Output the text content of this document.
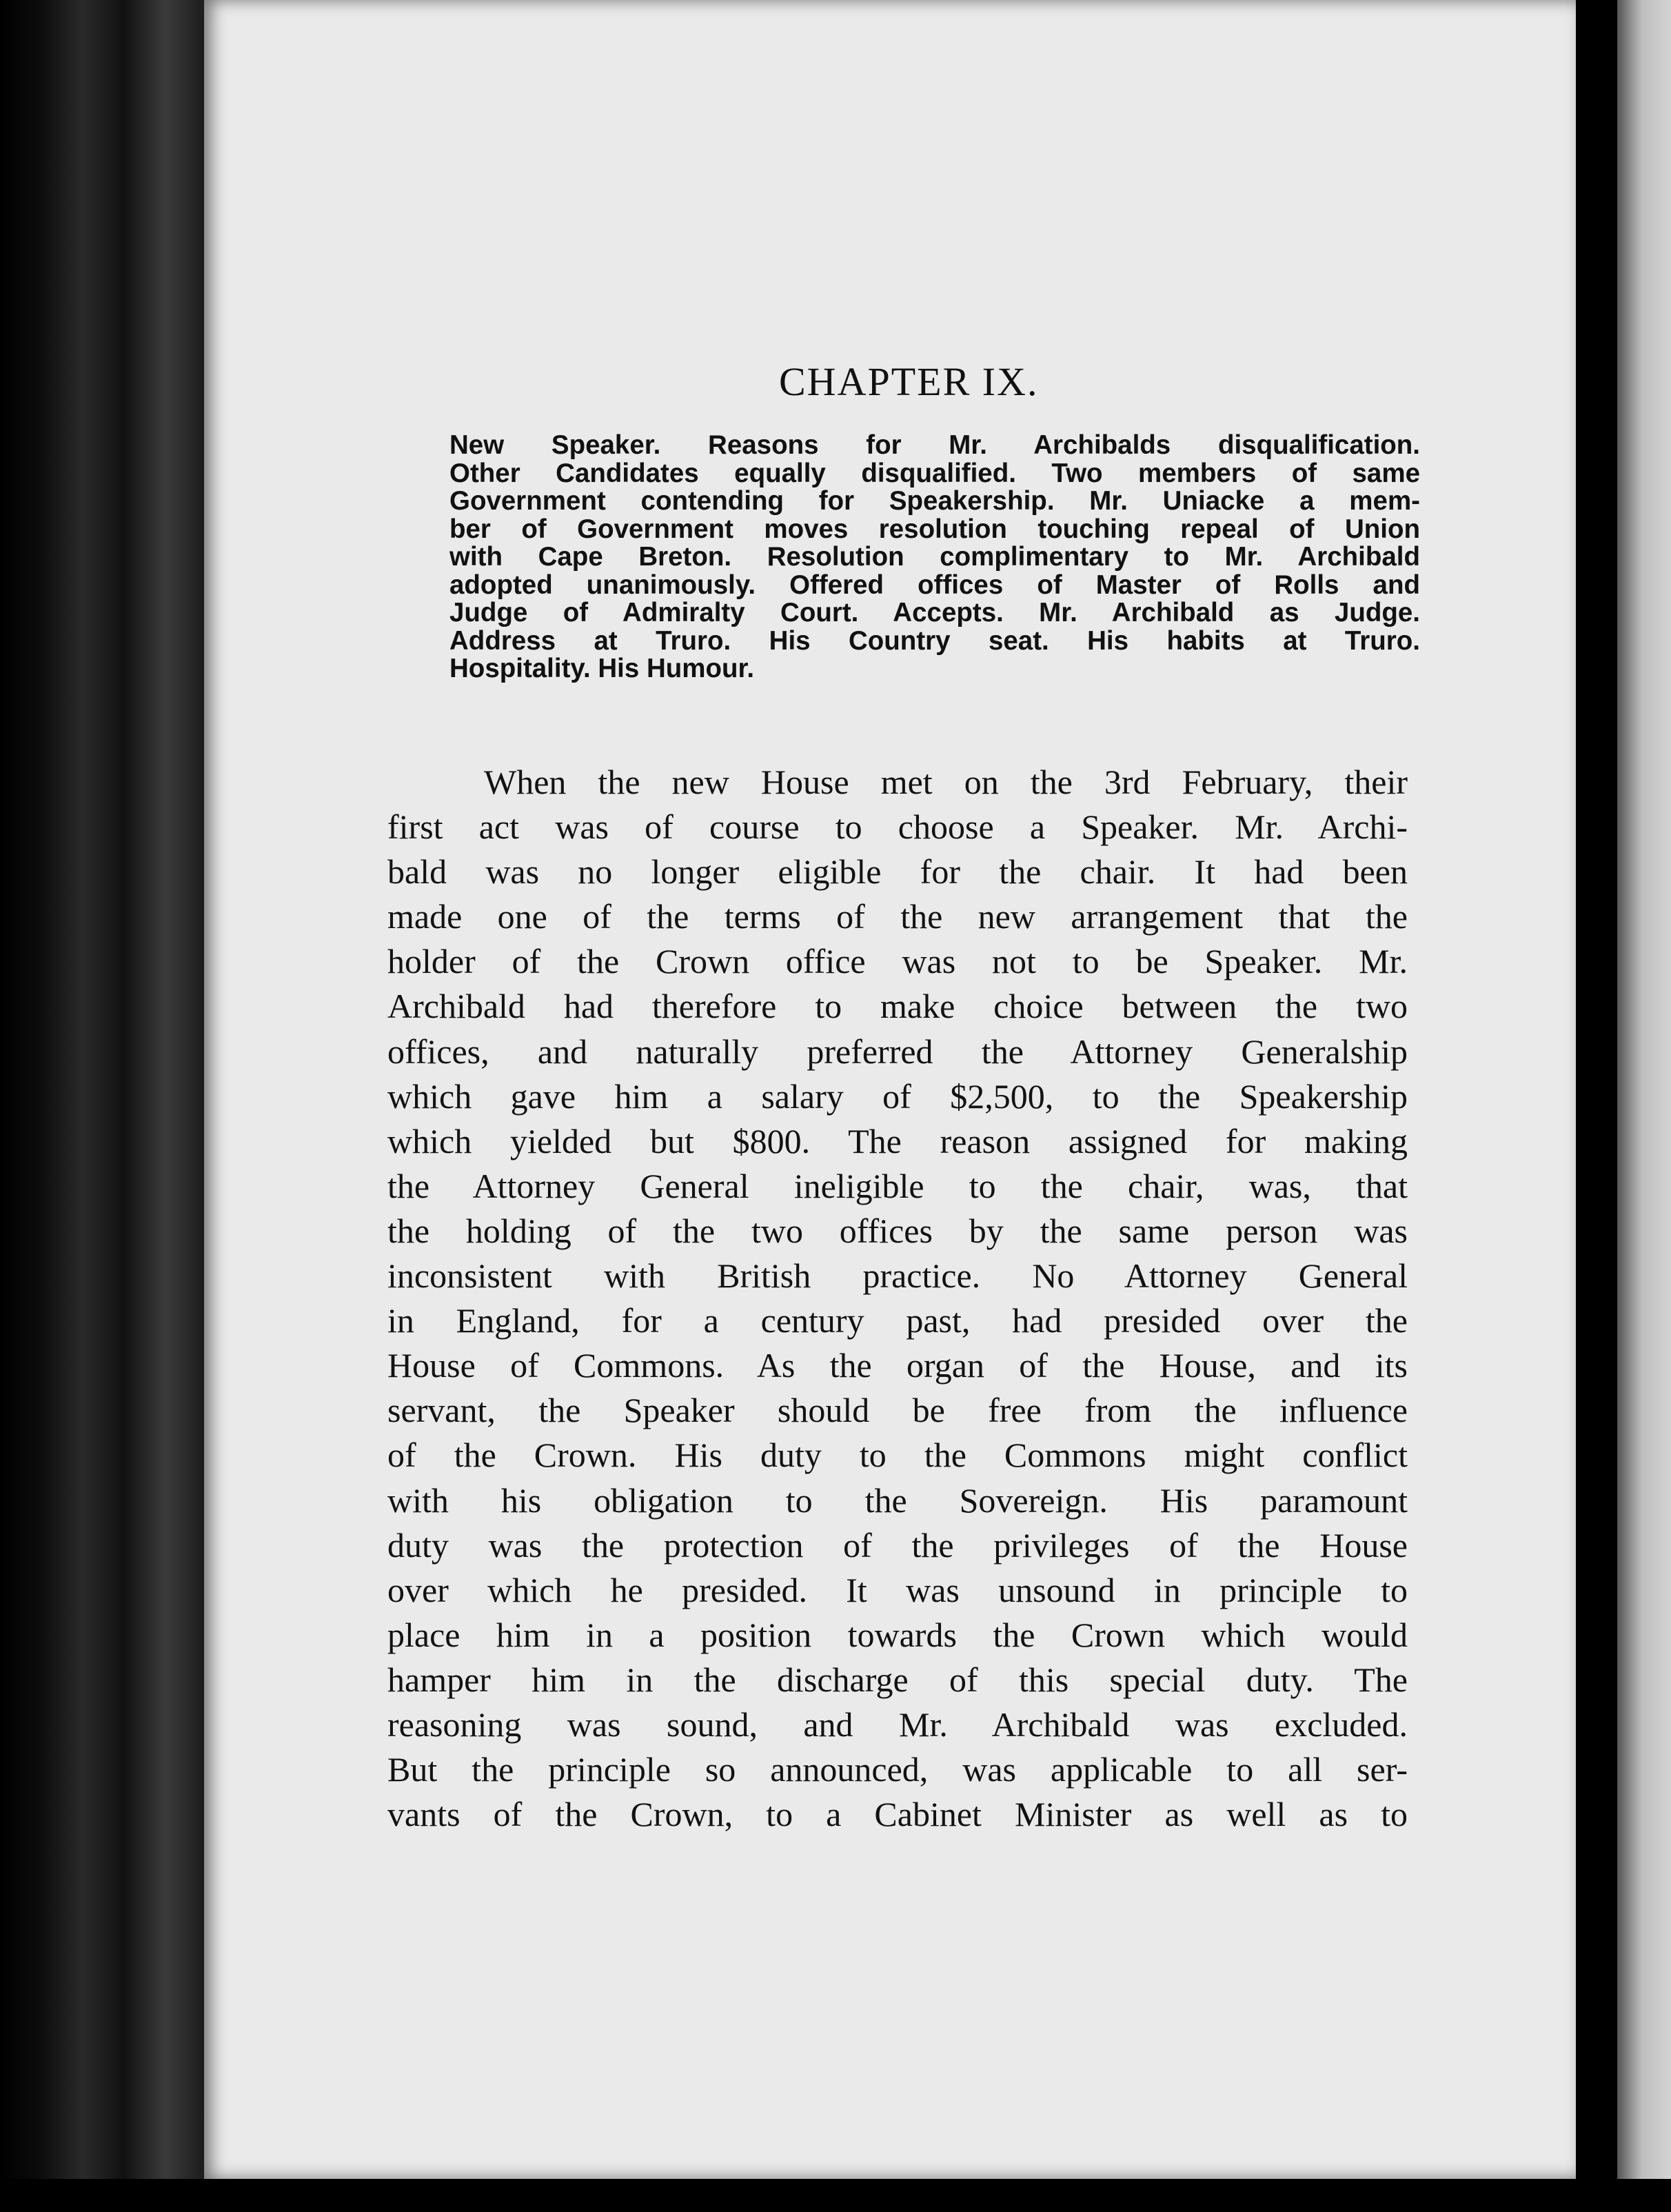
CHAPTER IX.
New Speaker. Reasons for Mr. Archibalds disqualification.
Other Candidates equally disqualified. Two members of same
Government contending for Speakership. Mr. Uniacke a mem-
ber of Government moves resolution touching repeal of Union
with Cape Breton. Resolution complimentary to Mr. Archibald
adopted unanimously. Offered offices of Master of Rolls and
Judge of Admiralty Court. Accepts. Mr. Archibald as Judge.
Address at Truro. His Country seat. His habits at Truro.
Hospitality. His Humour.
When the new House met on the 3rd February, their
first act was of course to choose a Speaker. Mr. Archi-
bald was no longer eligible for the chair. It had been
made one of the terms of the new arrangement that the
holder of the Crown office was not to be Speaker. Mr.
Archibald had therefore to make choice between the two
offices, and naturally preferred the Attorney Generalship
which gave him a salary of $2,500, to the Speakership
which yielded but $800. The reason assigned for making
the Attorney General ineligible to the chair, was, that
the holding of the two offices by the same person was
inconsistent with British practice. No Attorney General
in England, for a century past, had presided over the
House of Commons. As the organ of the House, and its
servant, the Speaker should be free from the influence
of the Crown. His duty to the Commons might conflict
with his obligation to the Sovereign. His paramount
duty was the protection of the privileges of the House
over which he presided. It was unsound in principle to
place him in a position towards the Crown which would
hamper him in the discharge of this special duty. The
reasoning was sound, and Mr. Archibald was excluded.
But the principle so announced, was applicable to all ser-
vants of the Crown, to a Cabinet Minister as well as to
